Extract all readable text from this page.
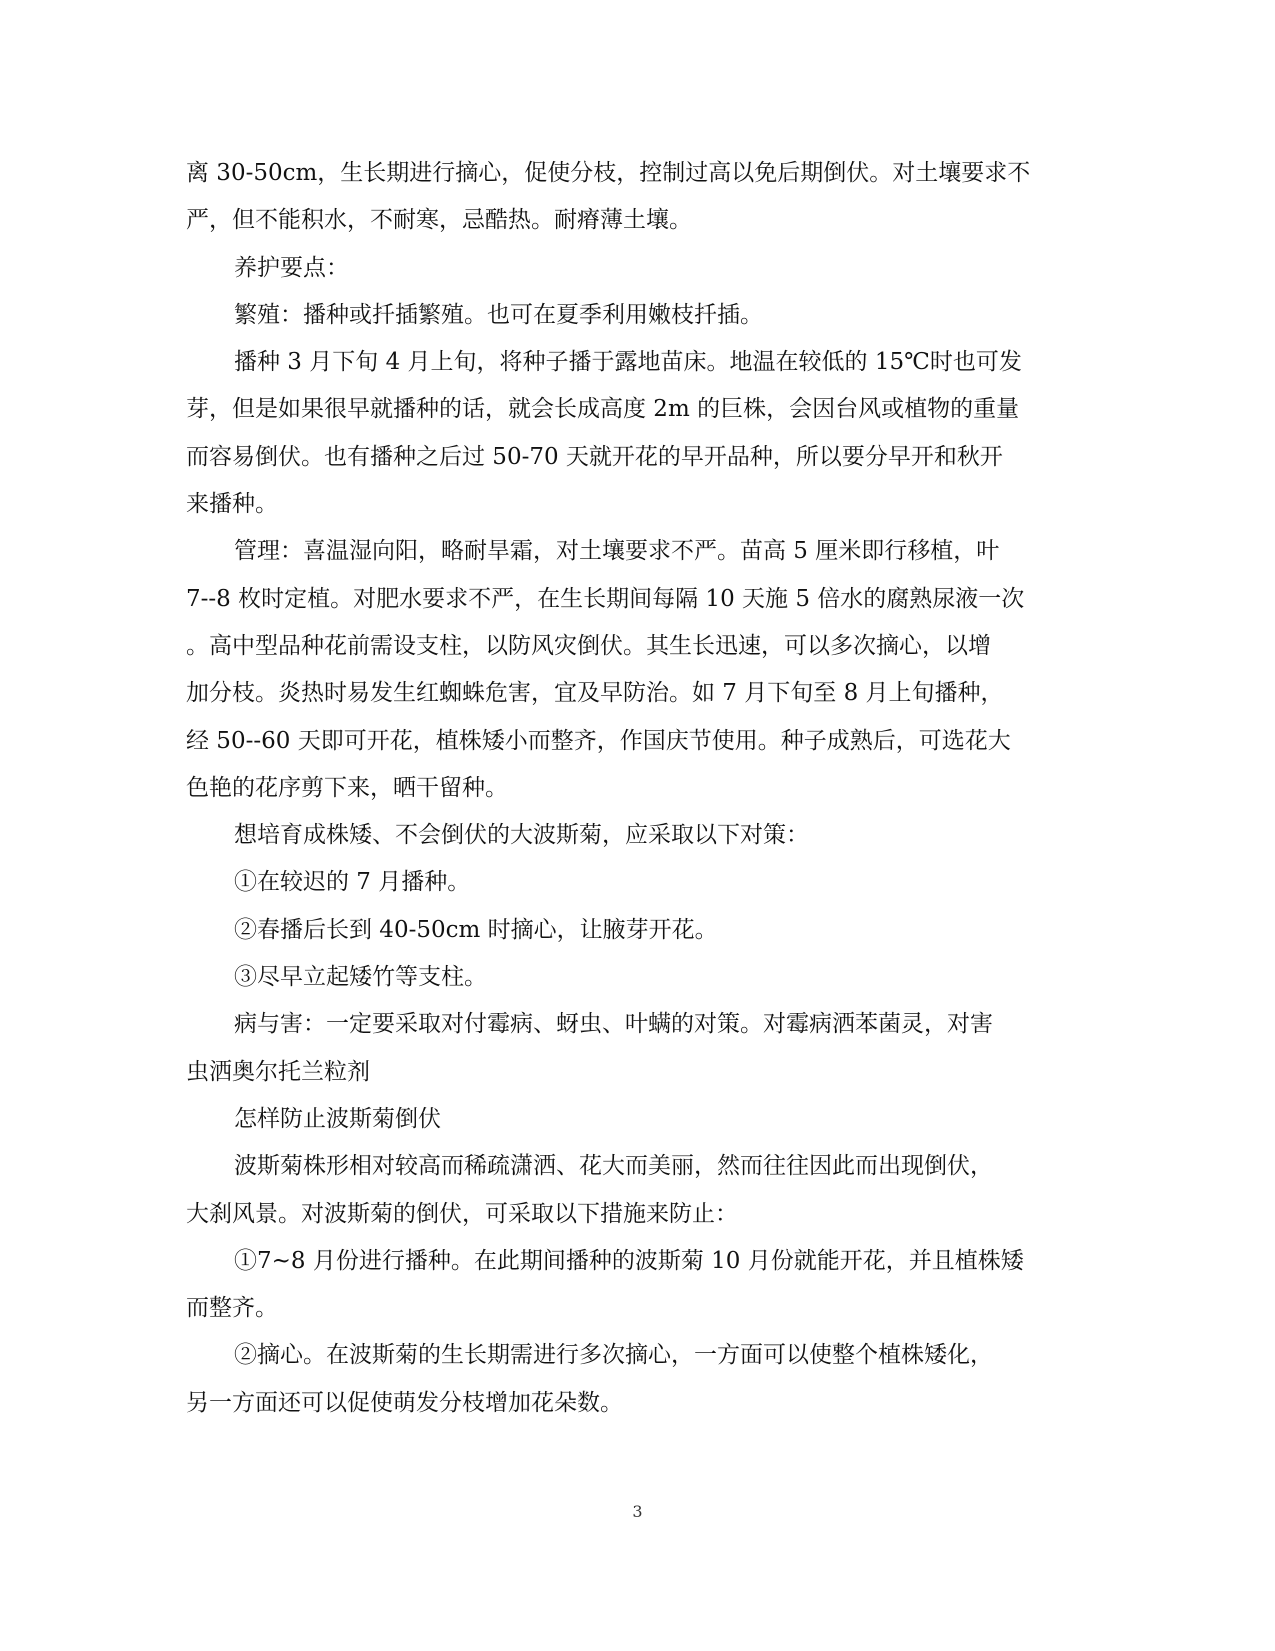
离 30-50cm，生长期进行摘心，促使分枝，控制过高以免后期倒伏。对土壤要求不
严，但不能积水，不耐寒，忌酷热。耐瘠薄土壤。
养护要点：
繁殖：播种或扦插繁殖。也可在夏季利用嫩枝扦插。
播种 3 月下旬 4 月上旬，将种子播于露地苗床。地温在较低的 15℃时也可发
芽，但是如果很早就播种的话，就会长成高度 2m 的巨株，会因台风或植物的重量
而容易倒伏。也有播种之后过 50-70 天就开花的早开品种，所以要分早开和秋开
来播种。
管理：喜温湿向阳，略耐旱霜，对土壤要求不严。苗高 5 厘米即行移植，叶
7--8 枚时定植。对肥水要求不严，在生长期间每隔 10 天施 5 倍水的腐熟尿液一次
。高中型品种花前需设支柱，以防风灾倒伏。其生长迅速，可以多次摘心，以增
加分枝。炎热时易发生红蜘蛛危害，宜及早防治。如 7 月下旬至 8 月上旬播种，
经 50--60 天即可开花，植株矮小而整齐，作国庆节使用。种子成熟后，可选花大
色艳的花序剪下来，晒干留种。
想培育成株矮、不会倒伏的大波斯菊，应采取以下对策：
①在较迟的 7 月播种。
②春播后长到 40-50cm 时摘心，让腋芽开花。
③尽早立起矮竹等支柱。
病与害：一定要采取对付霉病、蚜虫、叶螨的对策。对霉病洒苯菌灵，对害
虫洒奥尔托兰粒剂
怎样防止波斯菊倒伏
波斯菊株形相对较高而稀疏潇洒、花大而美丽，然而往往因此而出现倒伏，
大刹风景。对波斯菊的倒伏，可采取以下措施来防止：
①7~8 月份进行播种。在此期间播种的波斯菊 10 月份就能开花，并且植株矮
而整齐。
②摘心。在波斯菊的生长期需进行多次摘心，一方面可以使整个植株矮化，
另一方面还可以促使萌发分枝增加花朵数。
3
